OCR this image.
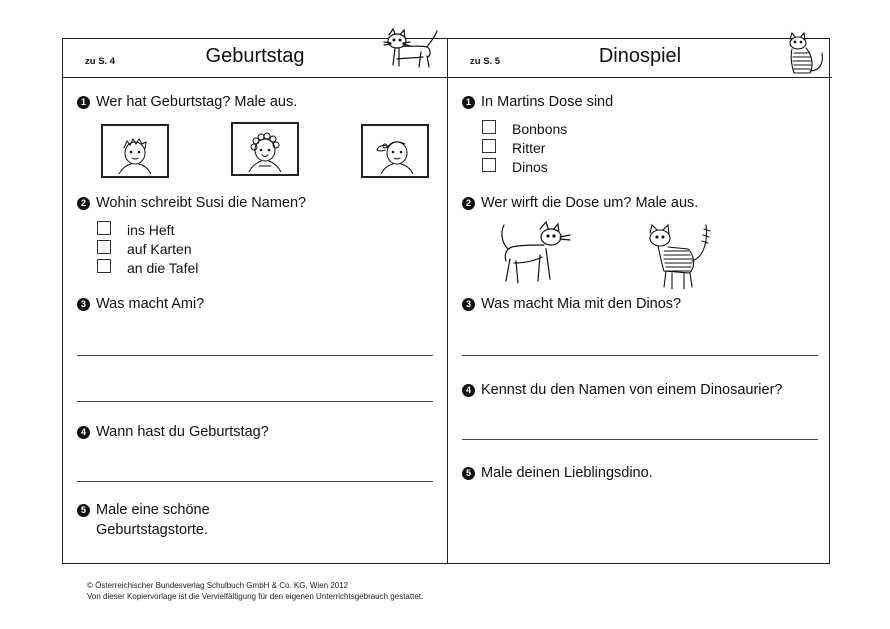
zu S. 4	Geburtstag
1 Wer hat Geburtstag? Male aus.
2 Wohin schreibt Susi die Namen?
ins Heft
auf Karten
an die Tafel
3 Was macht Ami?
4 Wann hast du Geburtstag?
5 Male eine schöne
Geburtstagstorte.
zu S. 5	Dinospiel
1 In Martins Dose sind
Bonbons
Ritter
Dinos
2 Wer wirft die Dose um? Male aus.
3 Was macht Mia mit den Dinos?
4 Kennst du den Namen von einem Dinosaurier?
5 Male deinen Lieblingsdino.
© Österreichischer Bundesverlag Schulbuch GmbH & Co. KG, Wien 2012
Von dieser Kopiervorlage ist die Vervielfältigung für den eigenen Unterrichtsgebrauch gestattet.
